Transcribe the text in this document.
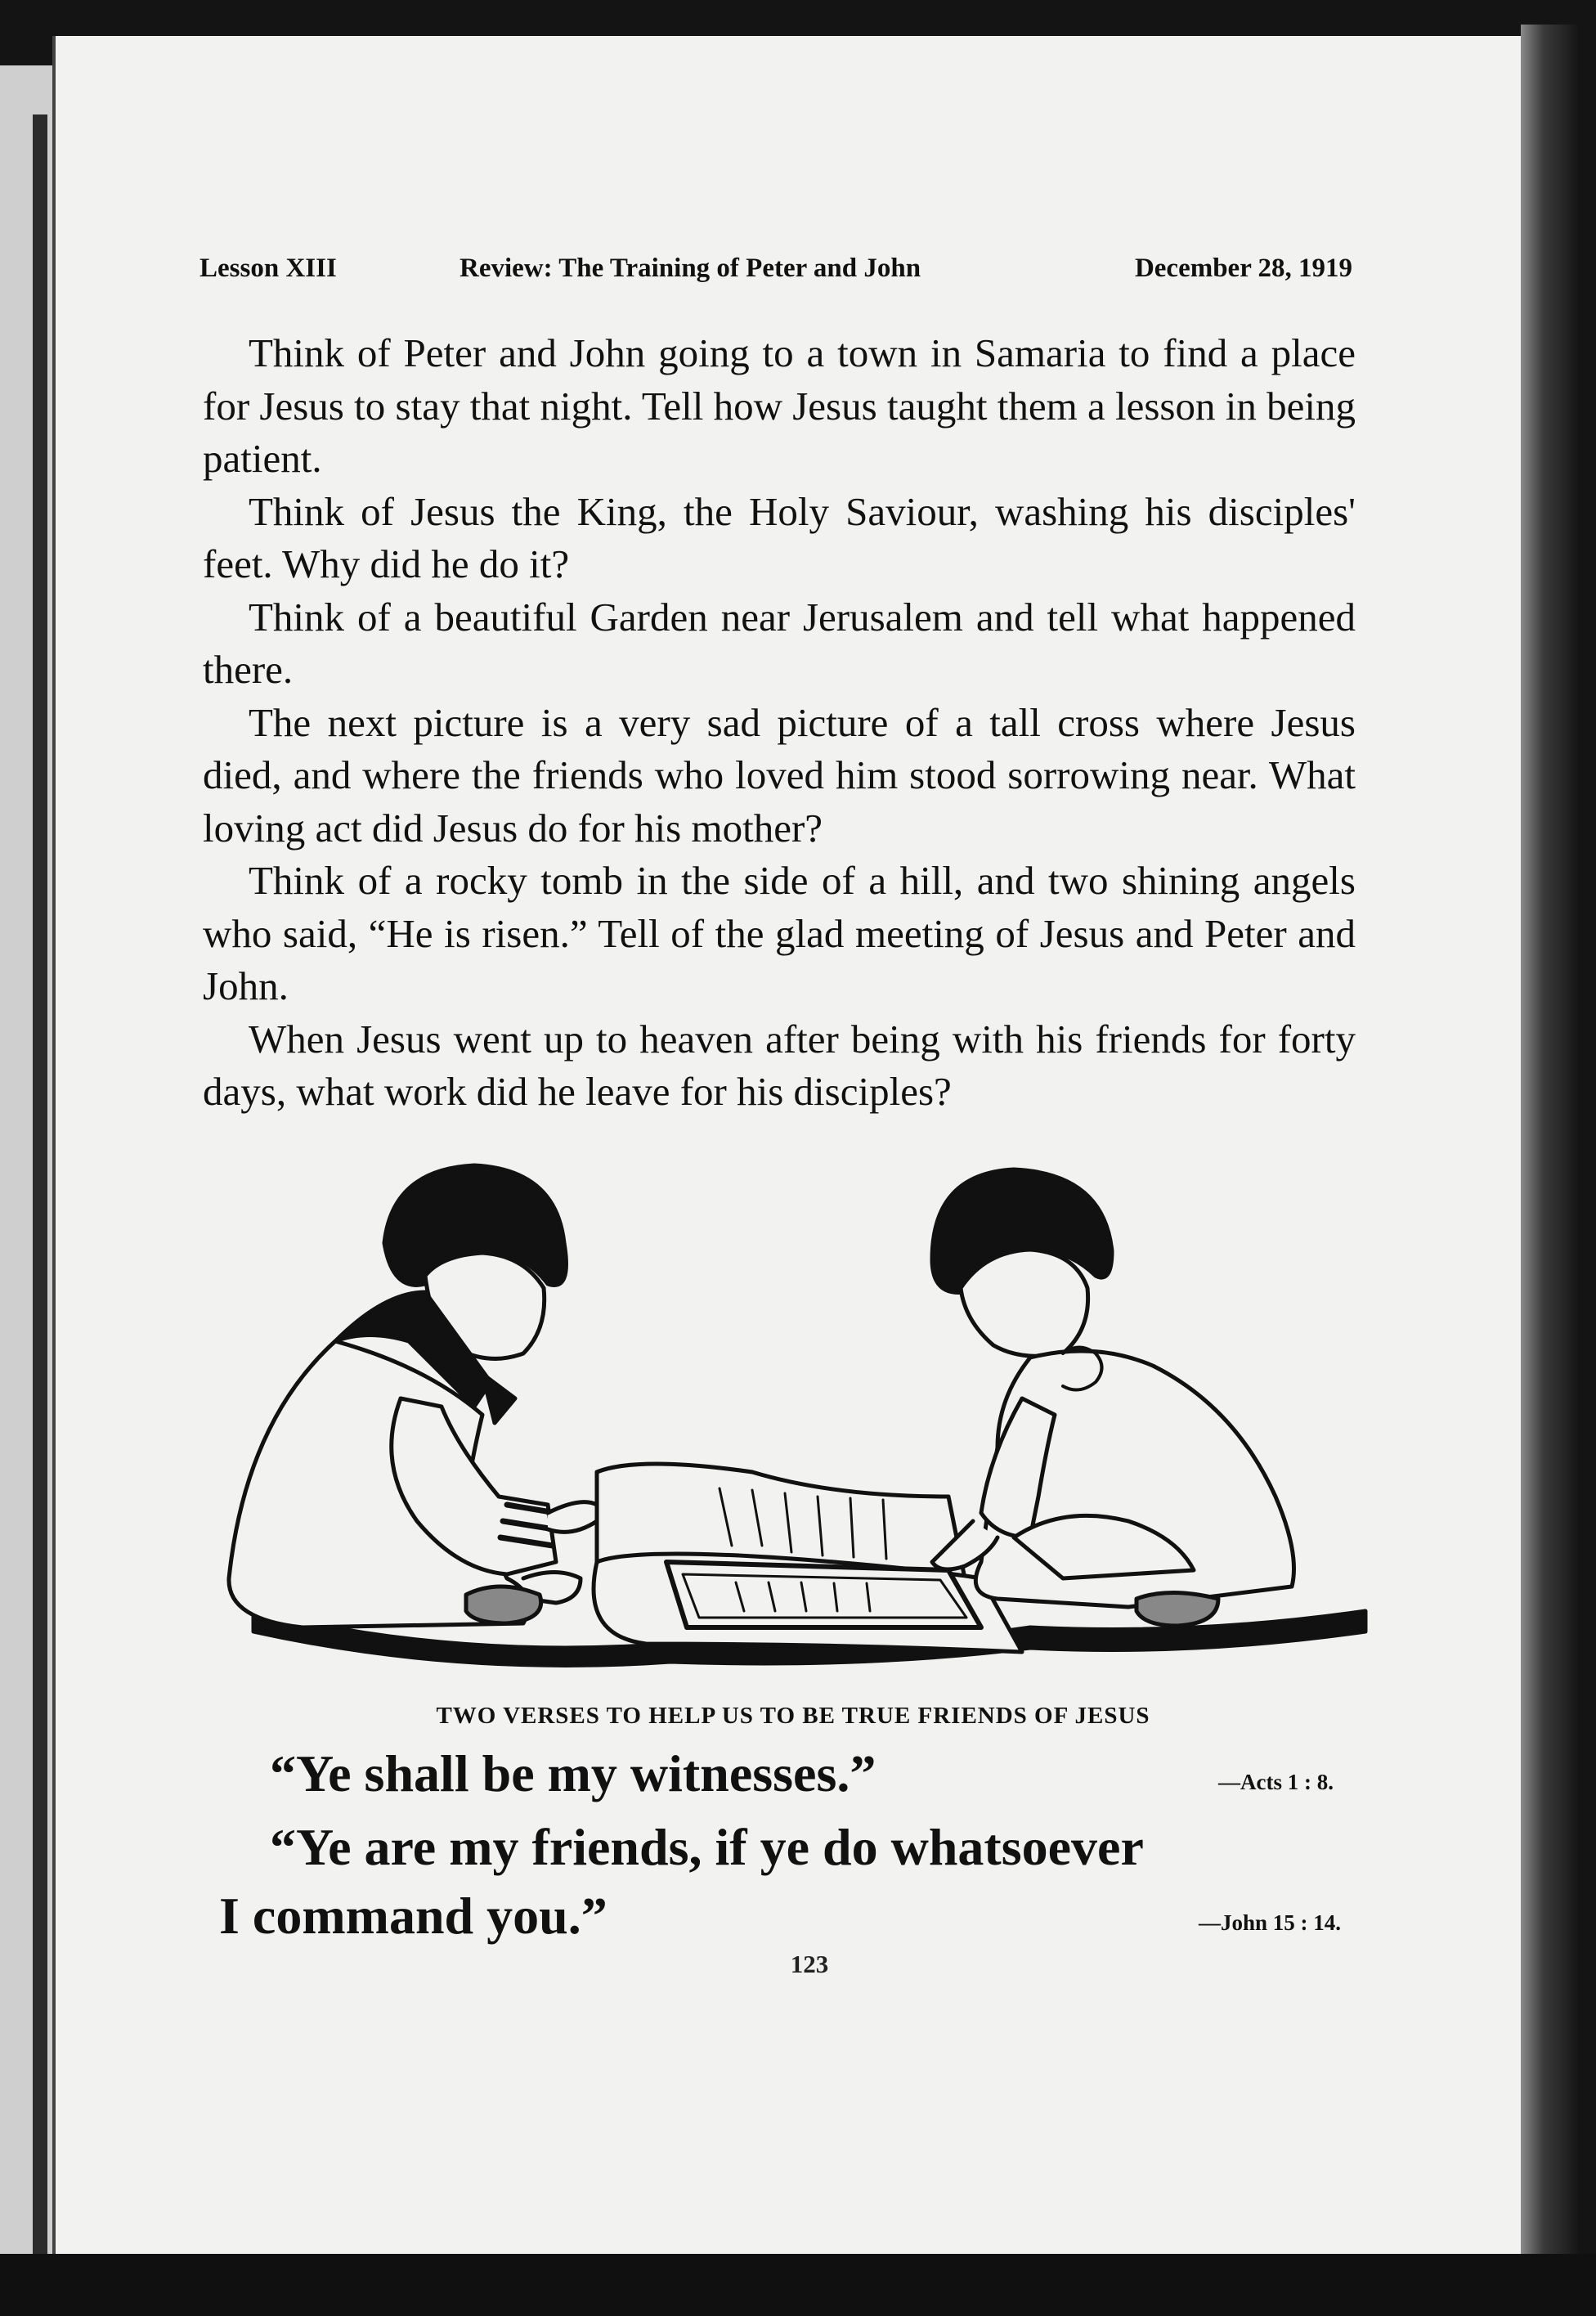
Lesson XIII	Review: The Training of Peter and John	December 28, 1919

Think of Peter and John going to a town in Samaria to find a place for Jesus to stay that night. Tell how Jesus taught them a lesson in being patient.

Think of Jesus the King, the Holy Saviour, washing his disciples' feet. Why did he do it?

Think of a beautiful Garden near Jerusalem and tell what happened there.

The next picture is a very sad picture of a tall cross where Jesus died, and where the friends who loved him stood sorrowing near. What loving act did Jesus do for his mother?

Think of a rocky tomb in the side of a hill, and two shining angels who said, “He is risen.” Tell of the glad meeting of Jesus and Peter and John.

When Jesus went up to heaven after being with his friends for forty days, what work did he leave for his disciples?

TWO VERSES TO HELP US TO BE TRUE FRIENDS OF JESUS
“Ye shall be my witnesses.”	—Acts 1 : 8.
“Ye are my friends, if ye do whatsoever
I command you.”	—John 15 : 14.
123
